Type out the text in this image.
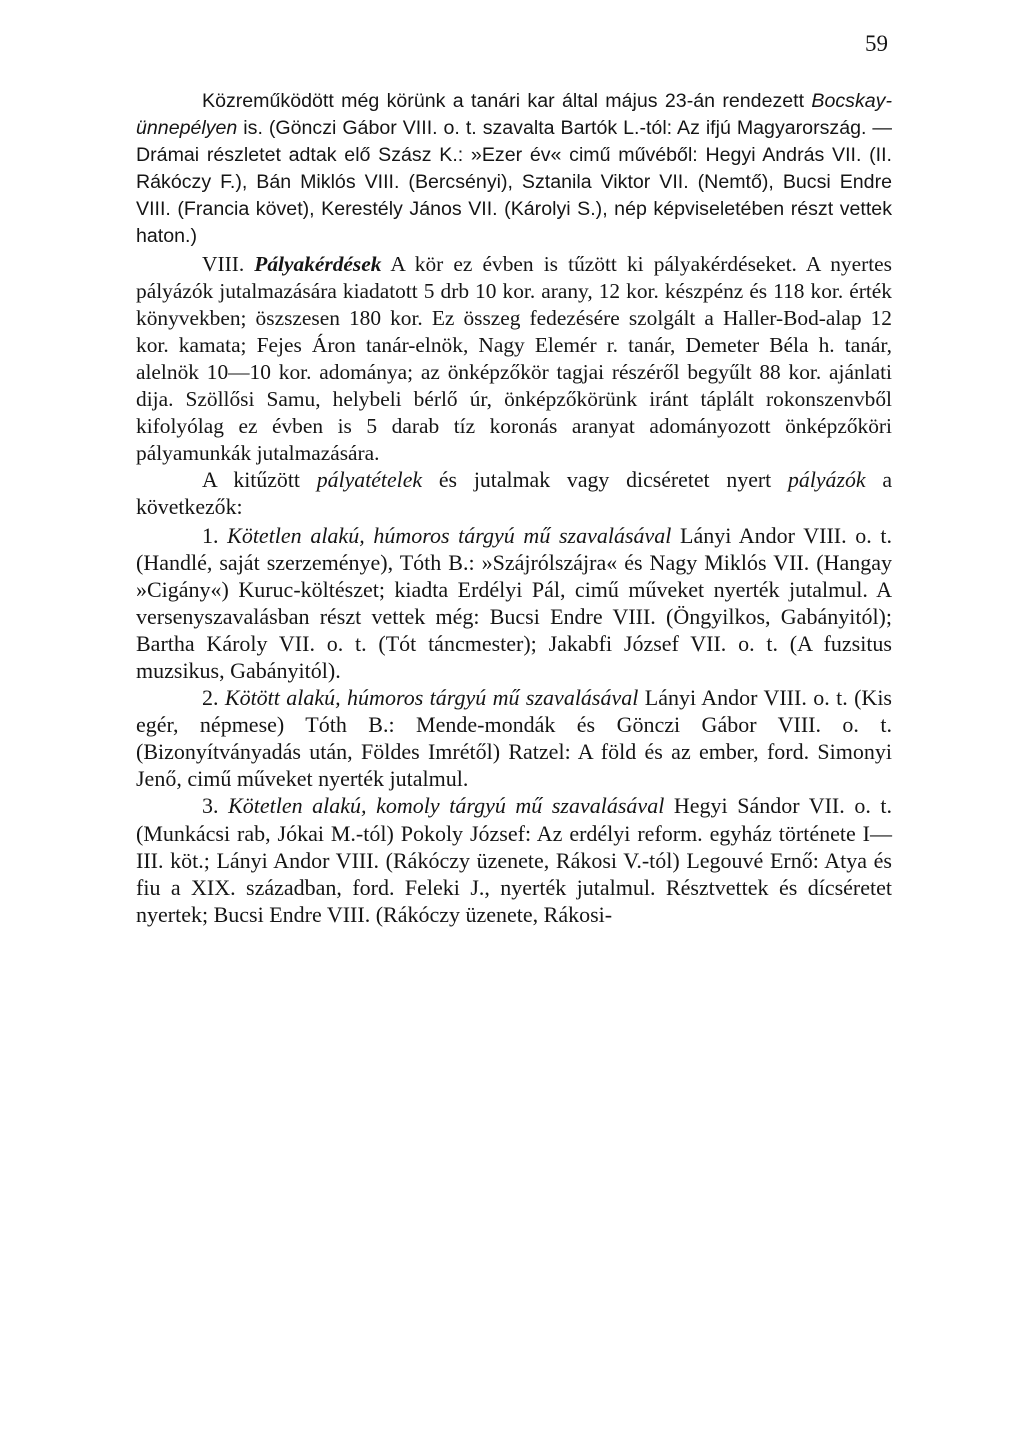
59

Közreműködött még körünk a tanári kar által május 23-án rendezett Bocskay-ünnepélyen is. (Gönczi Gábor VIII. o. t. szavalta Bartók L.-tól: Az ifjú Magyarország. — Drámai részletet adtak elő Szász K.: »Ezer év« cimű művéből: Hegyi András VII. (II. Rákóczy F.), Bán Miklós VIII. (Bercsényi), Sztanila Viktor VII. (Nemtő), Bucsi Endre VIII. (Francia követ), Kerestély János VII. (Károlyi S.), nép képviseletében részt vettek haton.)

VIII. Pályakérdések A kör ez évben is tűzött ki pályakérdéseket. A nyertes pályázók jutalmazására kiadatott 5 drb 10 kor. arany, 12 kor. készpénz és 118 kor. érték könyvekben; öszszesen 180 kor. Ez összeg fedezésére szolgált a Haller-Bod-alap 12 kor. kamata; Fejes Áron tanár-elnök, Nagy Elemér r. tanár, Demeter Béla h. tanár, alelnök 10—10 kor. adománya; az önképzőkör tagjai részéről begyűlt 88 kor. ajánlati dija. Szöllősi Samu, helybeli bérlő úr, önképzőkörünk iránt táplált rokonszenvből kifolyólag ez évben is 5 darab tíz koronás aranyat adományozott önképzőköri pályamunkák jutalmazására.

A kitűzött pályatételek és jutalmak vagy dicséretet nyert pályázók a következők:

1. Kötetlen alakú, húmoros tárgyú mű szavalásával Lányi Andor VIII. o. t. (Handlé, saját szerzeménye), Tóth B.: »Szájrólszájra« és Nagy Miklós VII. (Hangay »Cigány«) Kuruc-költészet; kiadta Erdélyi Pál, cimű műveket nyerték jutalmul. A versenyszavalásban részt vettek még: Bucsi Endre VIII. (Öngyilkos, Gabányitól); Bartha Károly VII. o. t. (Tót táncmester); Jakabfi József VII. o. t. (A fuzsitus muzsikus, Gabányitól).

2. Kötött alakú, húmoros tárgyú mű szavalásával Lányi Andor VIII. o. t. (Kis egér, népmese) Tóth B.: Mende-mondák és Gönczi Gábor VIII. o. t. (Bizonyítványadás után, Földes Imrétől) Ratzel: A föld és az ember, ford. Simonyi Jenő, cimű műveket nyerték jutalmul.

3. Kötetlen alakú, komoly tárgyú mű szavalásával Hegyi Sándor VII. o. t. (Munkácsi rab, Jókai M.-tól) Pokoly József: Az erdélyi reform. egyház története I—III. köt.; Lányi Andor VIII. (Rákóczy üzenete, Rákosi V.-tól) Legouvé Ernő: Atya és fiu a XIX. században, ford. Feleki J., nyerték jutalmul. Résztvettek és dícséretet nyertek; Bucsi Endre VIII. (Rákóczy üzenete, Rákosi-
